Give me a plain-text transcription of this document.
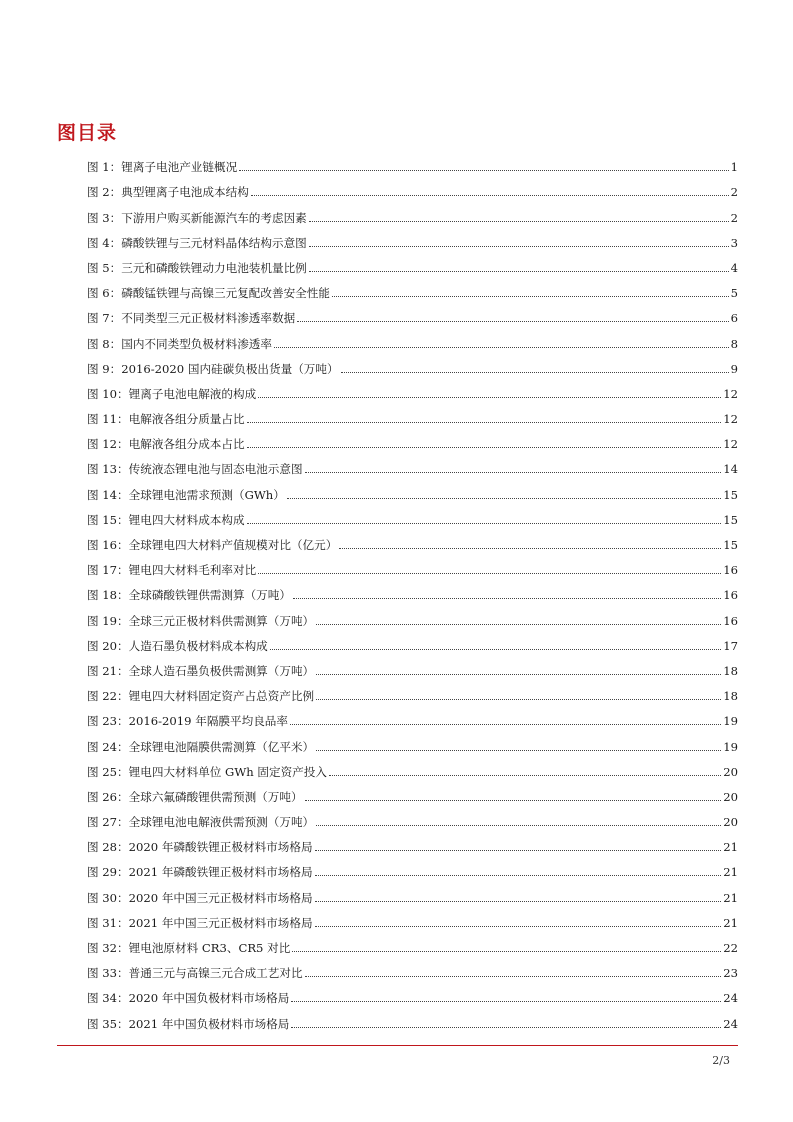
图目录
图 1：锂离子电池产业链概况	1
图 2：典型锂离子电池成本结构	2
图 3：下游用户购买新能源汽车的考虑因素	2
图 4：磷酸铁锂与三元材料晶体结构示意图	3
图 5：三元和磷酸铁锂动力电池装机量比例	4
图 6：磷酸锰铁锂与高镍三元复配改善安全性能	5
图 7：不同类型三元正极材料渗透率数据	6
图 8：国内不同类型负极材料渗透率	8
图 9：2016-2020 国内硅碳负极出货量（万吨）	9
图 10：锂离子电池电解液的构成	12
图 11：电解液各组分质量占比	12
图 12：电解液各组分成本占比	12
图 13：传统液态锂电池与固态电池示意图	14
图 14：全球锂电池需求预测（GWh）	15
图 15：锂电四大材料成本构成	15
图 16：全球锂电四大材料产值规模对比（亿元）	15
图 17：锂电四大材料毛利率对比	16
图 18：全球磷酸铁锂供需测算（万吨）	16
图 19：全球三元正极材料供需测算（万吨）	16
图 20：人造石墨负极材料成本构成	17
图 21：全球人造石墨负极供需测算（万吨）	18
图 22：锂电四大材料固定资产占总资产比例	18
图 23：2016-2019 年隔膜平均良品率	19
图 24：全球锂电池隔膜供需测算（亿平米）	19
图 25：锂电四大材料单位 GWh 固定资产投入	20
图 26：全球六氟磷酸锂供需预测（万吨）	20
图 27：全球锂电池电解液供需预测（万吨）	20
图 28：2020 年磷酸铁锂正极材料市场格局	21
图 29：2021 年磷酸铁锂正极材料市场格局	21
图 30：2020 年中国三元正极材料市场格局	21
图 31：2021 年中国三元正极材料市场格局	21
图 32：锂电池原材料 CR3、CR5 对比	22
图 33：普通三元与高镍三元合成工艺对比	23
图 34：2020 年中国负极材料市场格局	24
图 35：2021 年中国负极材料市场格局	24
2/3
